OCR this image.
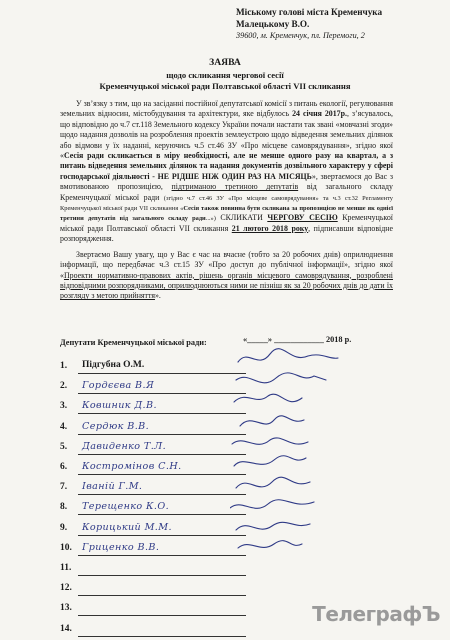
Міському голові міста Кременчука
Малецькому В.О.
39600, м. Кременчук, пл. Перемоги, 2
ЗАЯВА
щодо скликання чергової сесії
Кременчуцької міської ради Полтавської області VII скликання

У зв’язку з тим, що на засіданні постійної депутатської комісії з питань екології, регулювання земельних відносин, містобудування та архітектури, яке відбулось 24 січня 2017р., з’ясувалось, що відповідно до ч.7 ст.118 Земельного кодексу України почали настати так звані «мовчазні згоди» щодо надання дозволів на розроблення проектів землеустрою щодо відведення земельних ділянок або відмови у їх наданні, керуючись ч.5 ст.46 ЗУ «Про місцеве самоврядування», згідно якої «Сесія ради скликається в міру необхідності, але не менше одного разу на квартал, а з питань відведення земельних ділянок та надання документів дозвільного характеру у сфері господарської діяльності - НЕ РІДШЕ НІЖ ОДИН РАЗ НА МІСЯЦЬ», звертаємося до Вас з вмотивованою пропозицією, підтриманою третиною депутатів від загального складу Кременчуцької міської ради (згідно ч.7 ст.46 ЗУ «Про місцеве самоврядування» та ч.3 ст.32 Регламенту Кременчуцької міської ради VII скликання «Сесія також повинна бути скликана за пропозицією не менше як однієї третини депутатів від загального складу ради...») СКЛИКАТИ ЧЕРГОВУ СЕСІЮ Кременчуцької міської ради Полтавської області VII скликання 21 лютого 2018 року, підписавши відповідне розпорядження.

Звертаємо Вашу увагу, що у Вас є час на вчасне (тобто за 20 робочих днів) оприлюднення інформації, що передбачає ч.3 ст.15 ЗУ «Про доступ до публічної інформації», згідно якої «Проекти нормативно-правових актів, рішень органів місцевого самоврядування, розроблені відповідними розпорядниками, оприлюднюються ними не пізніш як за 20 робочих днів до дати їх розгляду з метою прийняття».

Депутати Кременчуцької міської ради:	«_____» ____________ 2018 р.
1. Підгубна О.М.
2. Гордєєва В.Я
3. Ковшник Д.В.
4. Сердюк В.В.
5. Давиденко Т.Л.
6. Костромінов С.Н.
7. Іваній Г.М.
8. Терещенко К.О.
9. Корицький М.М.
10. Гриценко В.В.
11.
12.
13.
14.
ТелеграфЪ
